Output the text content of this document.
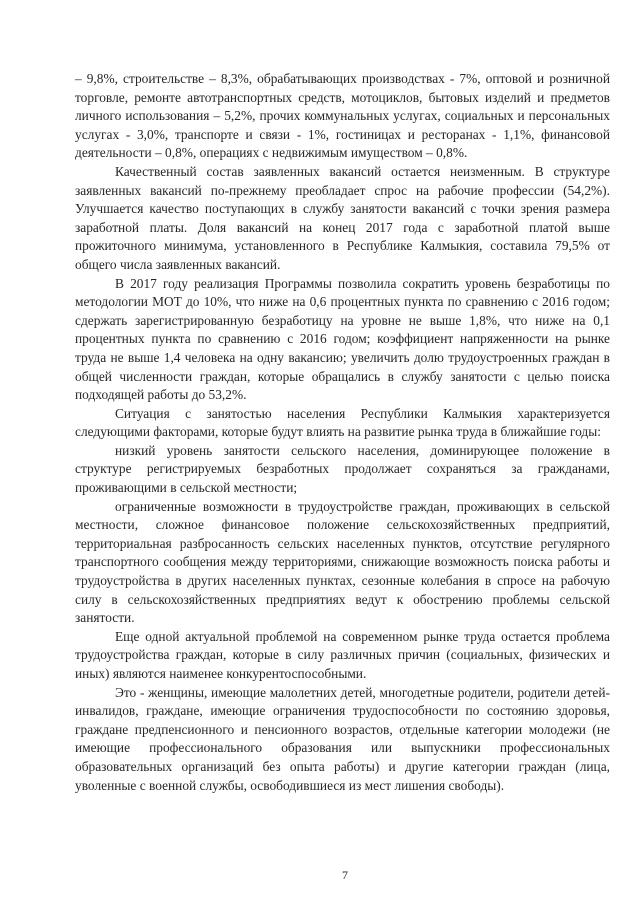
– 9,8%, строительстве – 8,3%, обрабатывающих производствах - 7%, оптовой и розничной торговле, ремонте автотранспортных средств, мотоциклов, бытовых изделий и предметов личного использования – 5,2%, прочих коммунальных услугах, социальных и персональных услугах - 3,0%, транспорте и связи - 1%, гостиницах и ресторанах - 1,1%, финансовой деятельности – 0,8%, операциях с недвижимым имуществом – 0,8%.

Качественный состав заявленных вакансий остается неизменным. В структуре заявленных вакансий по-прежнему преобладает спрос на рабочие профессии (54,2%). Улучшается качество поступающих в службу занятости вакансий с точки зрения размера заработной платы. Доля вакансий на конец 2017 года с заработной платой выше прожиточного минимума, установленного в Республике Калмыкия, составила 79,5% от общего числа заявленных вакансий.

В 2017 году реализация Программы позволила сократить уровень безработицы по методологии МОТ до 10%, что ниже на 0,6 процентных пункта по сравнению с 2016 годом; сдержать зарегистрированную безработицу на уровне не выше 1,8%, что ниже на 0,1 процентных пункта по сравнению с 2016 годом; коэффициент напряженности на рынке труда не выше 1,4 человека на одну вакансию; увеличить долю трудоустроенных граждан в общей численности граждан, которые обращались в службу занятости с целью поиска подходящей работы до 53,2%.

Ситуация с занятостью населения Республики Калмыкия характеризуется следующими факторами, которые будут влиять на развитие рынка труда в ближайшие годы:

низкий уровень занятости сельского населения, доминирующее положение в структуре регистрируемых безработных продолжает сохраняться за гражданами, проживающими в сельской местности;

ограниченные возможности в трудоустройстве граждан, проживающих в сельской местности, сложное финансовое положение сельскохозяйственных предприятий, территориальная разбросанность сельских населенных пунктов, отсутствие регулярного транспортного сообщения между территориями, снижающие возможность поиска работы и трудоустройства в других населенных пунктах, сезонные колебания в спросе на рабочую силу в сельскохозяйственных предприятиях ведут к обострению проблемы сельской занятости.

Еще одной актуальной проблемой на современном рынке труда остается проблема трудоустройства граждан, которые в силу различных причин (социальных, физических и иных) являются наименее конкурентоспособными.

Это - женщины, имеющие малолетних детей, многодетные родители, родители детей-инвалидов, граждане, имеющие ограничения трудоспособности по состоянию здоровья, граждане предпенсионного и пенсионного возрастов, отдельные категории молодежи (не имеющие профессионального образования или выпускники профессиональных образовательных организаций без опыта работы) и другие категории граждан (лица, уволенные с военной службы, освободившиеся из мест лишения свободы).

7
